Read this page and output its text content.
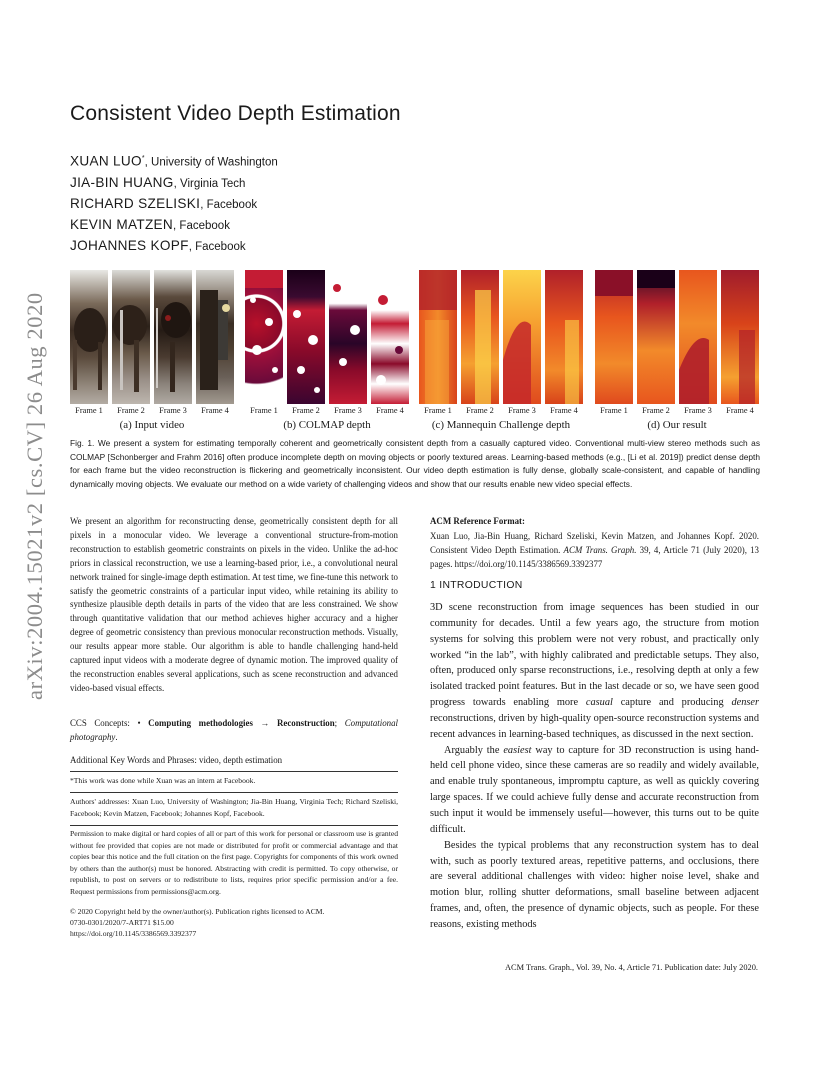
arXiv:2004.15021v2 [cs.CV] 26 Aug 2020
Consistent Video Depth Estimation
XUAN LUO*, University of Washington
JIA-BIN HUANG, Virginia Tech
RICHARD SZELISKI, Facebook
KEVIN MATZEN, Facebook
JOHANNES KOPF, Facebook
Frame 1	Frame 2	Frame 3	Frame 4	Frame 1	Frame 2	Frame 3	Frame 4	Frame 1	Frame 2	Frame 3	Frame 4	Frame 1	Frame 2	Frame 3	Frame 4
(a) Input video	(b) COLMAP depth	(c) Mannequin Challenge depth	(d) Our result
Fig. 1. We present a system for estimating temporally coherent and geometrically consistent depth from a casually captured video. Conventional multi-view stereo methods such as COLMAP [Schonberger and Frahm 2016] often produce incomplete depth on moving objects or poorly textured areas. Learning-based methods (e.g., [Li et al. 2019]) predict dense depth for each frame but the video reconstruction is flickering and geometrically inconsistent. Our video depth estimation is fully dense, globally scale-consistent, and capable of handling dynamically moving objects. We evaluate our method on a wide variety of challenging videos and show that our results enable new video special effects.
We present an algorithm for reconstructing dense, geometrically consistent depth for all pixels in a monocular video. We leverage a conventional structure-from-motion reconstruction to establish geometric constraints on pixels in the video. Unlike the ad-hoc priors in classical reconstruction, we use a learning-based prior, i.e., a convolutional neural network trained for single-image depth estimation. At test time, we fine-tune this network to satisfy the geometric constraints of a particular input video, while retaining its ability to synthesize plausible depth details in parts of the video that are less constrained. We show through quantitative validation that our method achieves higher accuracy and a higher degree of geometric consistency than previous monocular reconstruction methods. Visually, our results appear more stable. Our algorithm is able to handle challenging hand-held captured input videos with a moderate degree of dynamic motion. The improved quality of the reconstruction enables several applications, such as scene reconstruction and advanced video-based visual effects.
CCS Concepts: • Computing methodologies → Reconstruction; Computational photography.
Additional Key Words and Phrases: video, depth estimation
*This work was done while Xuan was an intern at Facebook.
Authors' addresses: Xuan Luo, University of Washington; Jia-Bin Huang, Virginia Tech; Richard Szeliski, Facebook; Kevin Matzen, Facebook; Johannes Kopf, Facebook.
Permission to make digital or hard copies of all or part of this work for personal or classroom use is granted without fee provided that copies are not made or distributed for profit or commercial advantage and that copies bear this notice and the full citation on the first page. Copyrights for components of this work owned by others than the author(s) must be honored. Abstracting with credit is permitted. To copy otherwise, or republish, to post on servers or to redistribute to lists, requires prior specific permission and/or a fee. Request permissions from permissions@acm.org.
© 2020 Copyright held by the owner/author(s). Publication rights licensed to ACM.
0730-0301/2020/7-ART71 $15.00
https://doi.org/10.1145/3386569.3392377
ACM Reference Format:
Xuan Luo, Jia-Bin Huang, Richard Szeliski, Kevin Matzen, and Johannes Kopf. 2020. Consistent Video Depth Estimation. ACM Trans. Graph. 39, 4, Article 71 (July 2020), 13 pages. https://doi.org/10.1145/3386569.3392377
1 INTRODUCTION

3D scene reconstruction from image sequences has been studied in our community for decades. Until a few years ago, the structure from motion systems for solving this problem were not very robust, and practically only worked “in the lab”, with highly calibrated and predictable setups. They also, often, produced only sparse reconstructions, i.e., resolving depth at only a few isolated tracked point features. But in the last decade or so, we have seen good progress towards enabling more casual capture and producing denser reconstructions, driven by high-quality open-source reconstruction systems and recent advances in learning-based techniques, as discussed in the next section.

Arguably the easiest way to capture for 3D reconstruction is using hand-held cell phone video, since these cameras are so readily and widely available, and enable truly spontaneous, impromptu capture, as well as quickly covering large spaces. If we could achieve fully dense and accurate reconstruction from such input it would be immensely useful—however, this turns out to be quite difficult.

Besides the typical problems that any reconstruction system has to deal with, such as poorly textured areas, repetitive patterns, and occlusions, there are several additional challenges with video: higher noise level, shake and motion blur, rolling shutter deformations, small baseline between adjacent frames, and, often, the presence of dynamic objects, such as people. For these reasons, existing methods

ACM Trans. Graph., Vol. 39, No. 4, Article 71. Publication date: July 2020.
